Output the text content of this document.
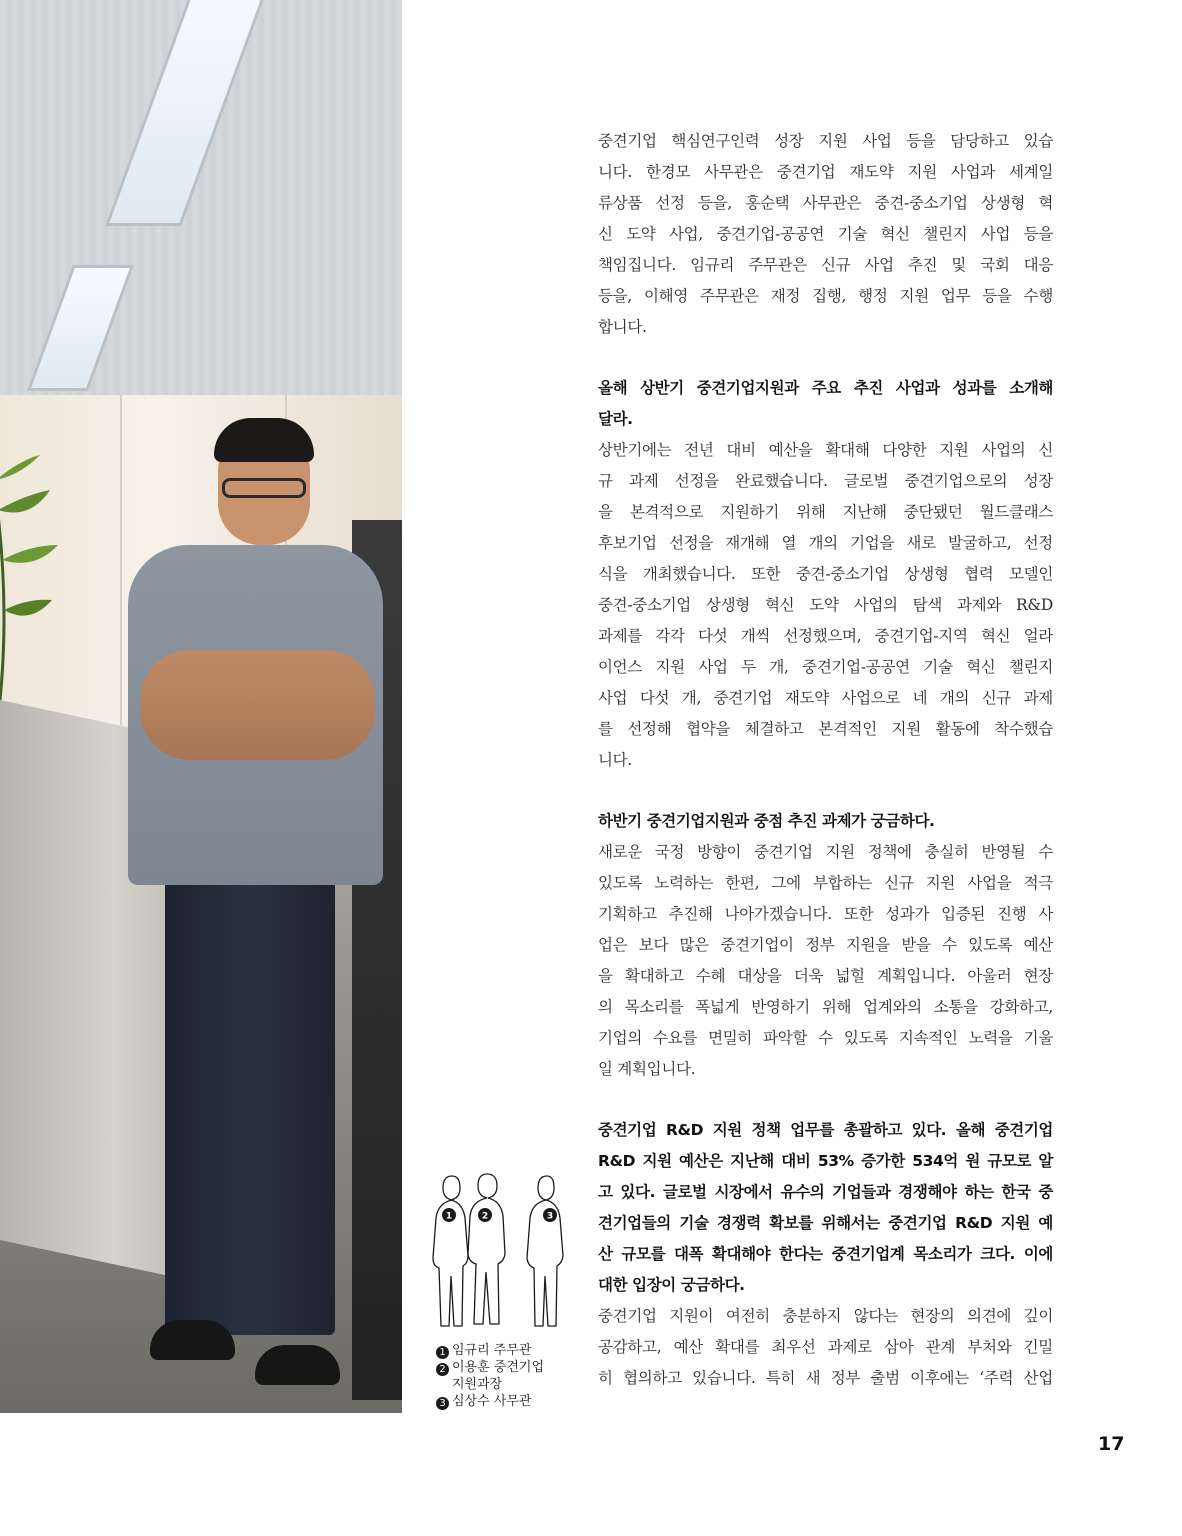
1	2	3
1 임규리 주무관
2 이용훈 중견기업
지원과장
3 심상수 사무관

중견기업 핵심연구인력 성장 지원 사업 등을 담당하고 있습
니다. 한경모 사무관은 중견기업 재도약 지원 사업과 세계일
류상품 선정 등을, 홍순택 사무관은 중견-중소기업 상생형 혁
신 도약 사업, 중견기업-공공연 기술 혁신 챌린지 사업 등을
책임집니다. 임규리 주무관은 신규 사업 추진 및 국회 대응
등을, 이해영 주무관은 재정 집행, 행정 지원 업무 등을 수행
합니다.

올해 상반기 중견기업지원과 주요 추진 사업과 성과를 소개해
달라.

상반기에는 전년 대비 예산을 확대해 다양한 지원 사업의 신
규 과제 선정을 완료했습니다. 글로벌 중견기업으로의 성장
을 본격적으로 지원하기 위해 지난해 중단됐던 월드클래스
후보기업 선정을 재개해 열 개의 기업을 새로 발굴하고, 선정
식을 개최했습니다. 또한 중견-중소기업 상생형 협력 모델인
중견-중소기업 상생형 혁신 도약 사업의 탐색 과제와 R&D
과제를 각각 다섯 개씩 선정했으며, 중견기업-지역 혁신 얼라
이언스 지원 사업 두 개, 중견기업-공공연 기술 혁신 챌린지
사업 다섯 개, 중견기업 재도약 사업으로 네 개의 신규 과제
를 선정해 협약을 체결하고 본격적인 지원 활동에 착수했습
니다.

하반기 중견기업지원과 중점 추진 과제가 궁금하다.

새로운 국정 방향이 중견기업 지원 정책에 충실히 반영될 수
있도록 노력하는 한편, 그에 부합하는 신규 지원 사업을 적극
기획하고 추진해 나아가겠습니다. 또한 성과가 입증된 진행 사
업은 보다 많은 중견기업이 정부 지원을 받을 수 있도록 예산
을 확대하고 수혜 대상을 더욱 넓힐 계획입니다. 아울러 현장
의 목소리를 폭넓게 반영하기 위해 업계와의 소통을 강화하고,
기업의 수요를 면밀히 파악할 수 있도록 지속적인 노력을 기울
일 계획입니다.

중견기업 R&D 지원 정책 업무를 총괄하고 있다. 올해 중견기업
R&D 지원 예산은 지난해 대비 53% 증가한 534억 원 규모로 알
고 있다. 글로벌 시장에서 유수의 기업들과 경쟁해야 하는 한국 중
견기업들의 기술 경쟁력 확보를 위해서는 중견기업 R&D 지원 예
산 규모를 대폭 확대해야 한다는 중견기업계 목소리가 크다. 이에
대한 입장이 궁금하다.

중견기업 지원이 여전히 충분하지 않다는 현장의 의견에 깊이
공감하고, 예산 확대를 최우선 과제로 삼아 관계 부처와 긴밀
히 협의하고 있습니다. 특히 새 정부 출범 이후에는 ‘주력 산업

17
